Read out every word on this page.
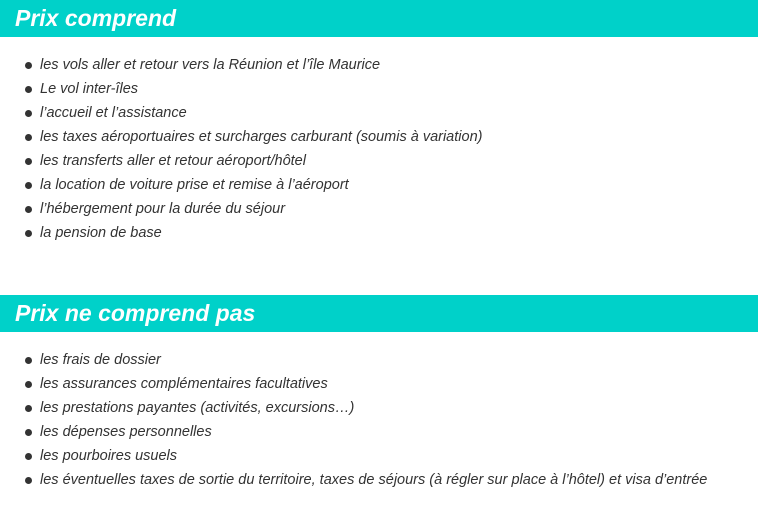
Prix comprend
les vols aller et retour vers la Réunion et l’île Maurice
Le vol inter-îles
l’accueil et l’assistance
les taxes aéroportuaires et surcharges carburant (soumis à variation)
les transferts aller et retour aéroport/hôtel
la location de voiture prise et remise à l’aéroport
l’hébergement pour la durée du séjour
la pension de base
Prix ne comprend pas
les frais de dossier
les assurances complémentaires facultatives
les prestations payantes (activités, excursions…)
les dépenses personnelles
les pourboires usuels
les éventuelles taxes de sortie du territoire, taxes de séjours (à régler sur place à l’hôtel) et visa d’entrée
